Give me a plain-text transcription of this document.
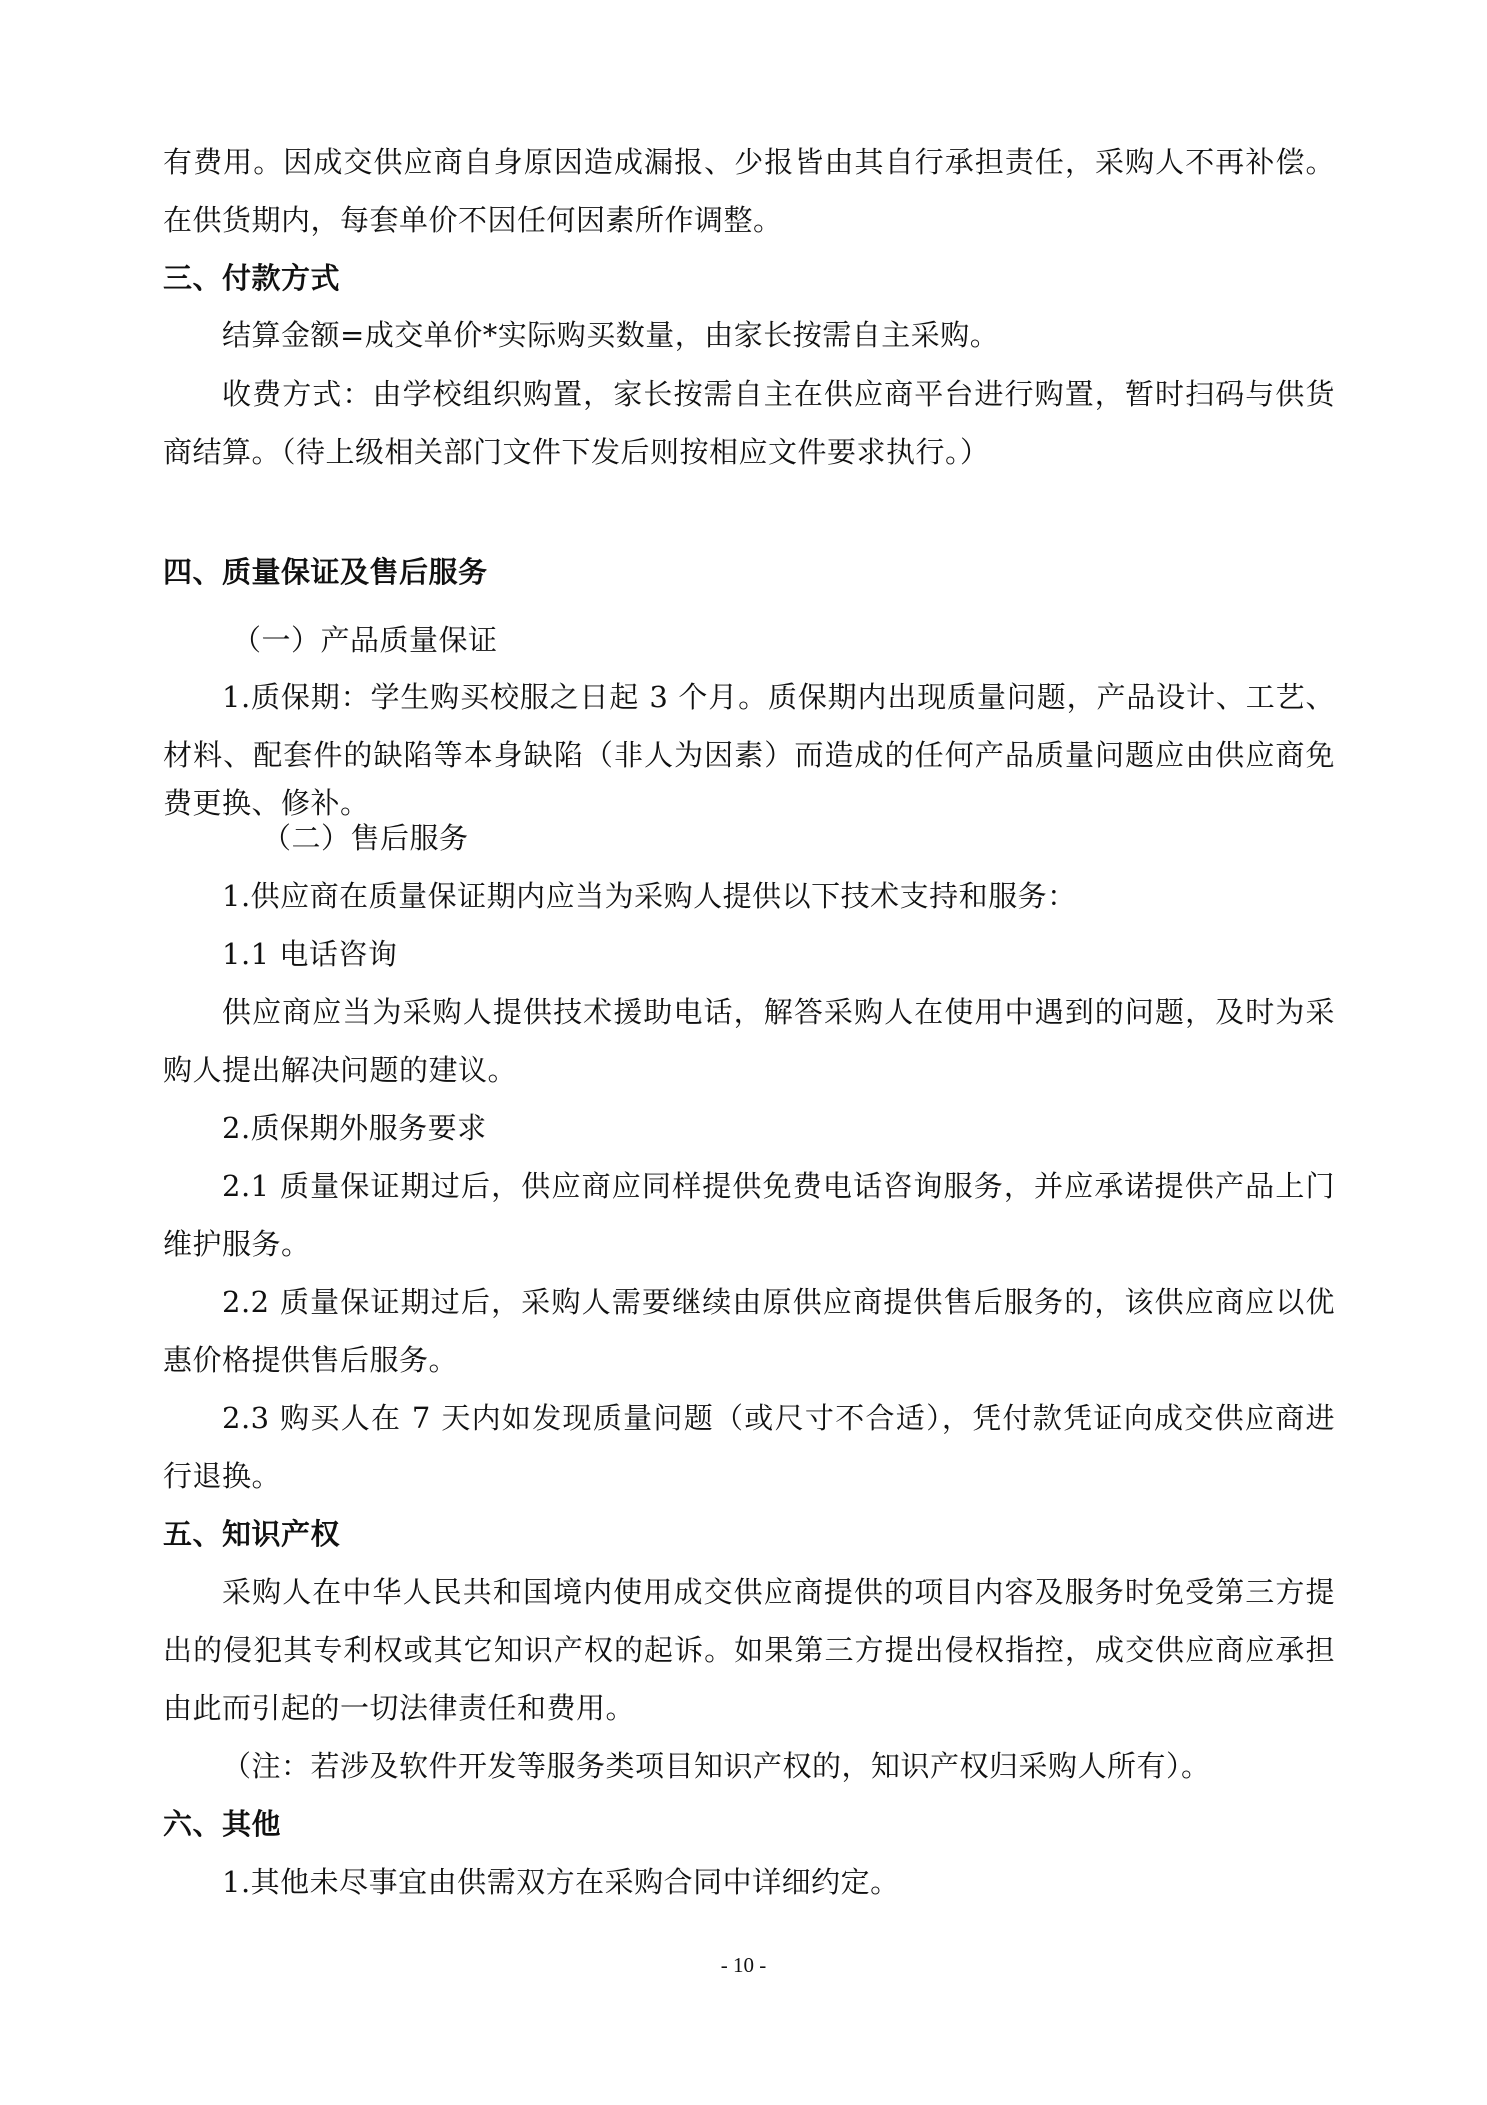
有费用。因成交供应商自身原因造成漏报、少报皆由其自行承担责任，采购人不再补偿。
在供货期内，每套单价不因任何因素所作调整。
三、付款方式
结算金额=成交单价*实际购买数量，由家长按需自主采购。
收费方式：由学校组织购置，家长按需自主在供应商平台进行购置，暂时扫码与供货
商结算。（待上级相关部门文件下发后则按相应文件要求执行。）
四、质量保证及售后服务
（一）产品质量保证
1.质保期：学生购买校服之日起 3 个月。质保期内出现质量问题，产品设计、工艺、
材料、配套件的缺陷等本身缺陷（非人为因素）而造成的任何产品质量问题应由供应商免
费更换、修补。
（二）售后服务
1.供应商在质量保证期内应当为采购人提供以下技术支持和服务：
1.1 电话咨询
供应商应当为采购人提供技术援助电话，解答采购人在使用中遇到的问题，及时为采
购人提出解决问题的建议。
2.质保期外服务要求
2.1 质量保证期过后，供应商应同样提供免费电话咨询服务，并应承诺提供产品上门
维护服务。
2.2 质量保证期过后，采购人需要继续由原供应商提供售后服务的，该供应商应以优
惠价格提供售后服务。
2.3 购买人在 7 天内如发现质量问题（或尺寸不合适），凭付款凭证向成交供应商进
行退换。
五、知识产权
采购人在中华人民共和国境内使用成交供应商提供的项目内容及服务时免受第三方提
出的侵犯其专利权或其它知识产权的起诉。如果第三方提出侵权指控，成交供应商应承担
由此而引起的一切法律责任和费用。
（注：若涉及软件开发等服务类项目知识产权的，知识产权归采购人所有）。
六、其他
1.其他未尽事宜由供需双方在采购合同中详细约定。
- 10 -
